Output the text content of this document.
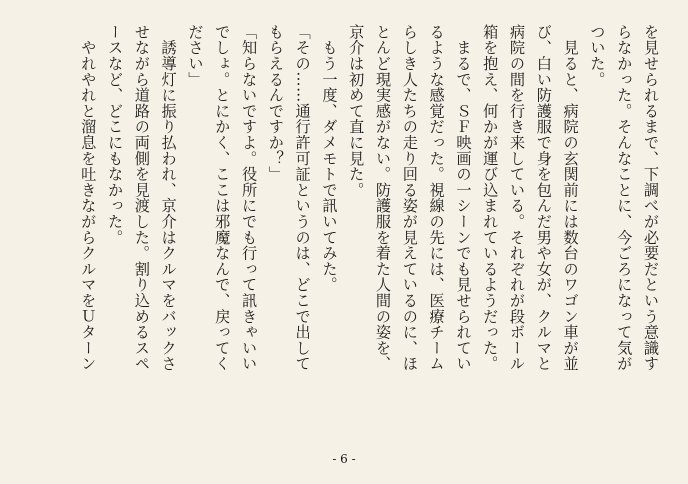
を見せられるまで、下調べが必要だという意識す
らなかった。そんなことに、今ごろになって気が
ついた。
　見ると、病院の玄関前には数台のワゴン車が並
び、白い防護服で身を包んだ男や女が、クルマと
病院の間を行き来している。それぞれが段ボール
箱を抱え、何かが運び込まれているようだった。
　まるで、ＳＦ映画の一シーンでも見せられてい
るような感覚だった。視線の先には、医療チーム
らしき人たちの走り回る姿が見えているのに、ほ
とんど現実感がない。防護服を着た人間の姿を、
京介は初めて直に見た。
　もう一度、ダメモトで訊いてみた。
「その……通行許可証というのは、どこで出して
もらえるんですか？」
「知らないですよ。役所にでも行って訊きゃいい
でしょ。とにかく、ここは邪魔なんで、戻ってく
ださい」
　誘導灯に振り払われ、京介はクルマをバックさ
せながら道路の両側を見渡した。割り込めるスペ
ースなど、どこにもなかった。
　やれやれと溜息を吐きながらクルマをＵターン
- 6 -
